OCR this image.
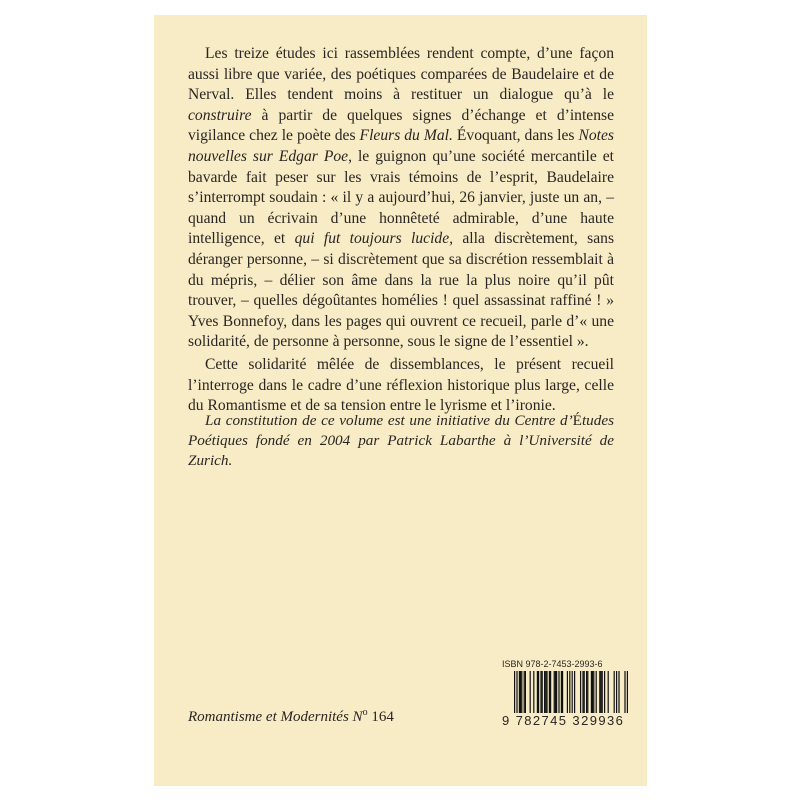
Les treize études ici rassemblées rendent compte, d’une façon aussi libre que variée, des poétiques comparées de Baudelaire et de Nerval. Elles tendent moins à restituer un dialogue qu’à le construire à partir de quelques signes d’échange et d’intense vigilance chez le poète des Fleurs du Mal. Évoquant, dans les Notes nouvelles sur Edgar Poe, le guignon qu’une société mercantile et bavarde fait peser sur les vrais témoins de l’esprit, Baudelaire s’interrompt soudain : « il y a aujourd’hui, 26 janvier, juste un an, – quand un écrivain d’une honnêteté admirable, d’une haute intelligence, et qui fut toujours lucide, alla discrètement, sans déranger personne, – si discrètement que sa discrétion ressemblait à du mépris, – délier son âme dans la rue la plus noire qu’il pût trouver, – quelles dégoûtantes homélies ! quel assassinat raffiné ! » Yves Bonnefoy, dans les pages qui ouvrent ce recueil, parle d’« une solidarité, de personne à personne, sous le signe de l’essentiel ».

Cette solidarité mêlée de dissemblances, le présent recueil l’interroge dans le cadre d’une réflexion historique plus large, celle du Romantisme et de sa tension entre le lyrisme et l’ironie.

La constitution de ce volume est une initiative du Centre d’Études Poétiques fondé en 2004 par Patrick Labarthe à l’Université de Zurich.
Romantisme et Modernités $N^o$ 164
ISBN 978-2-7453-2993-6
9 782745 329936
